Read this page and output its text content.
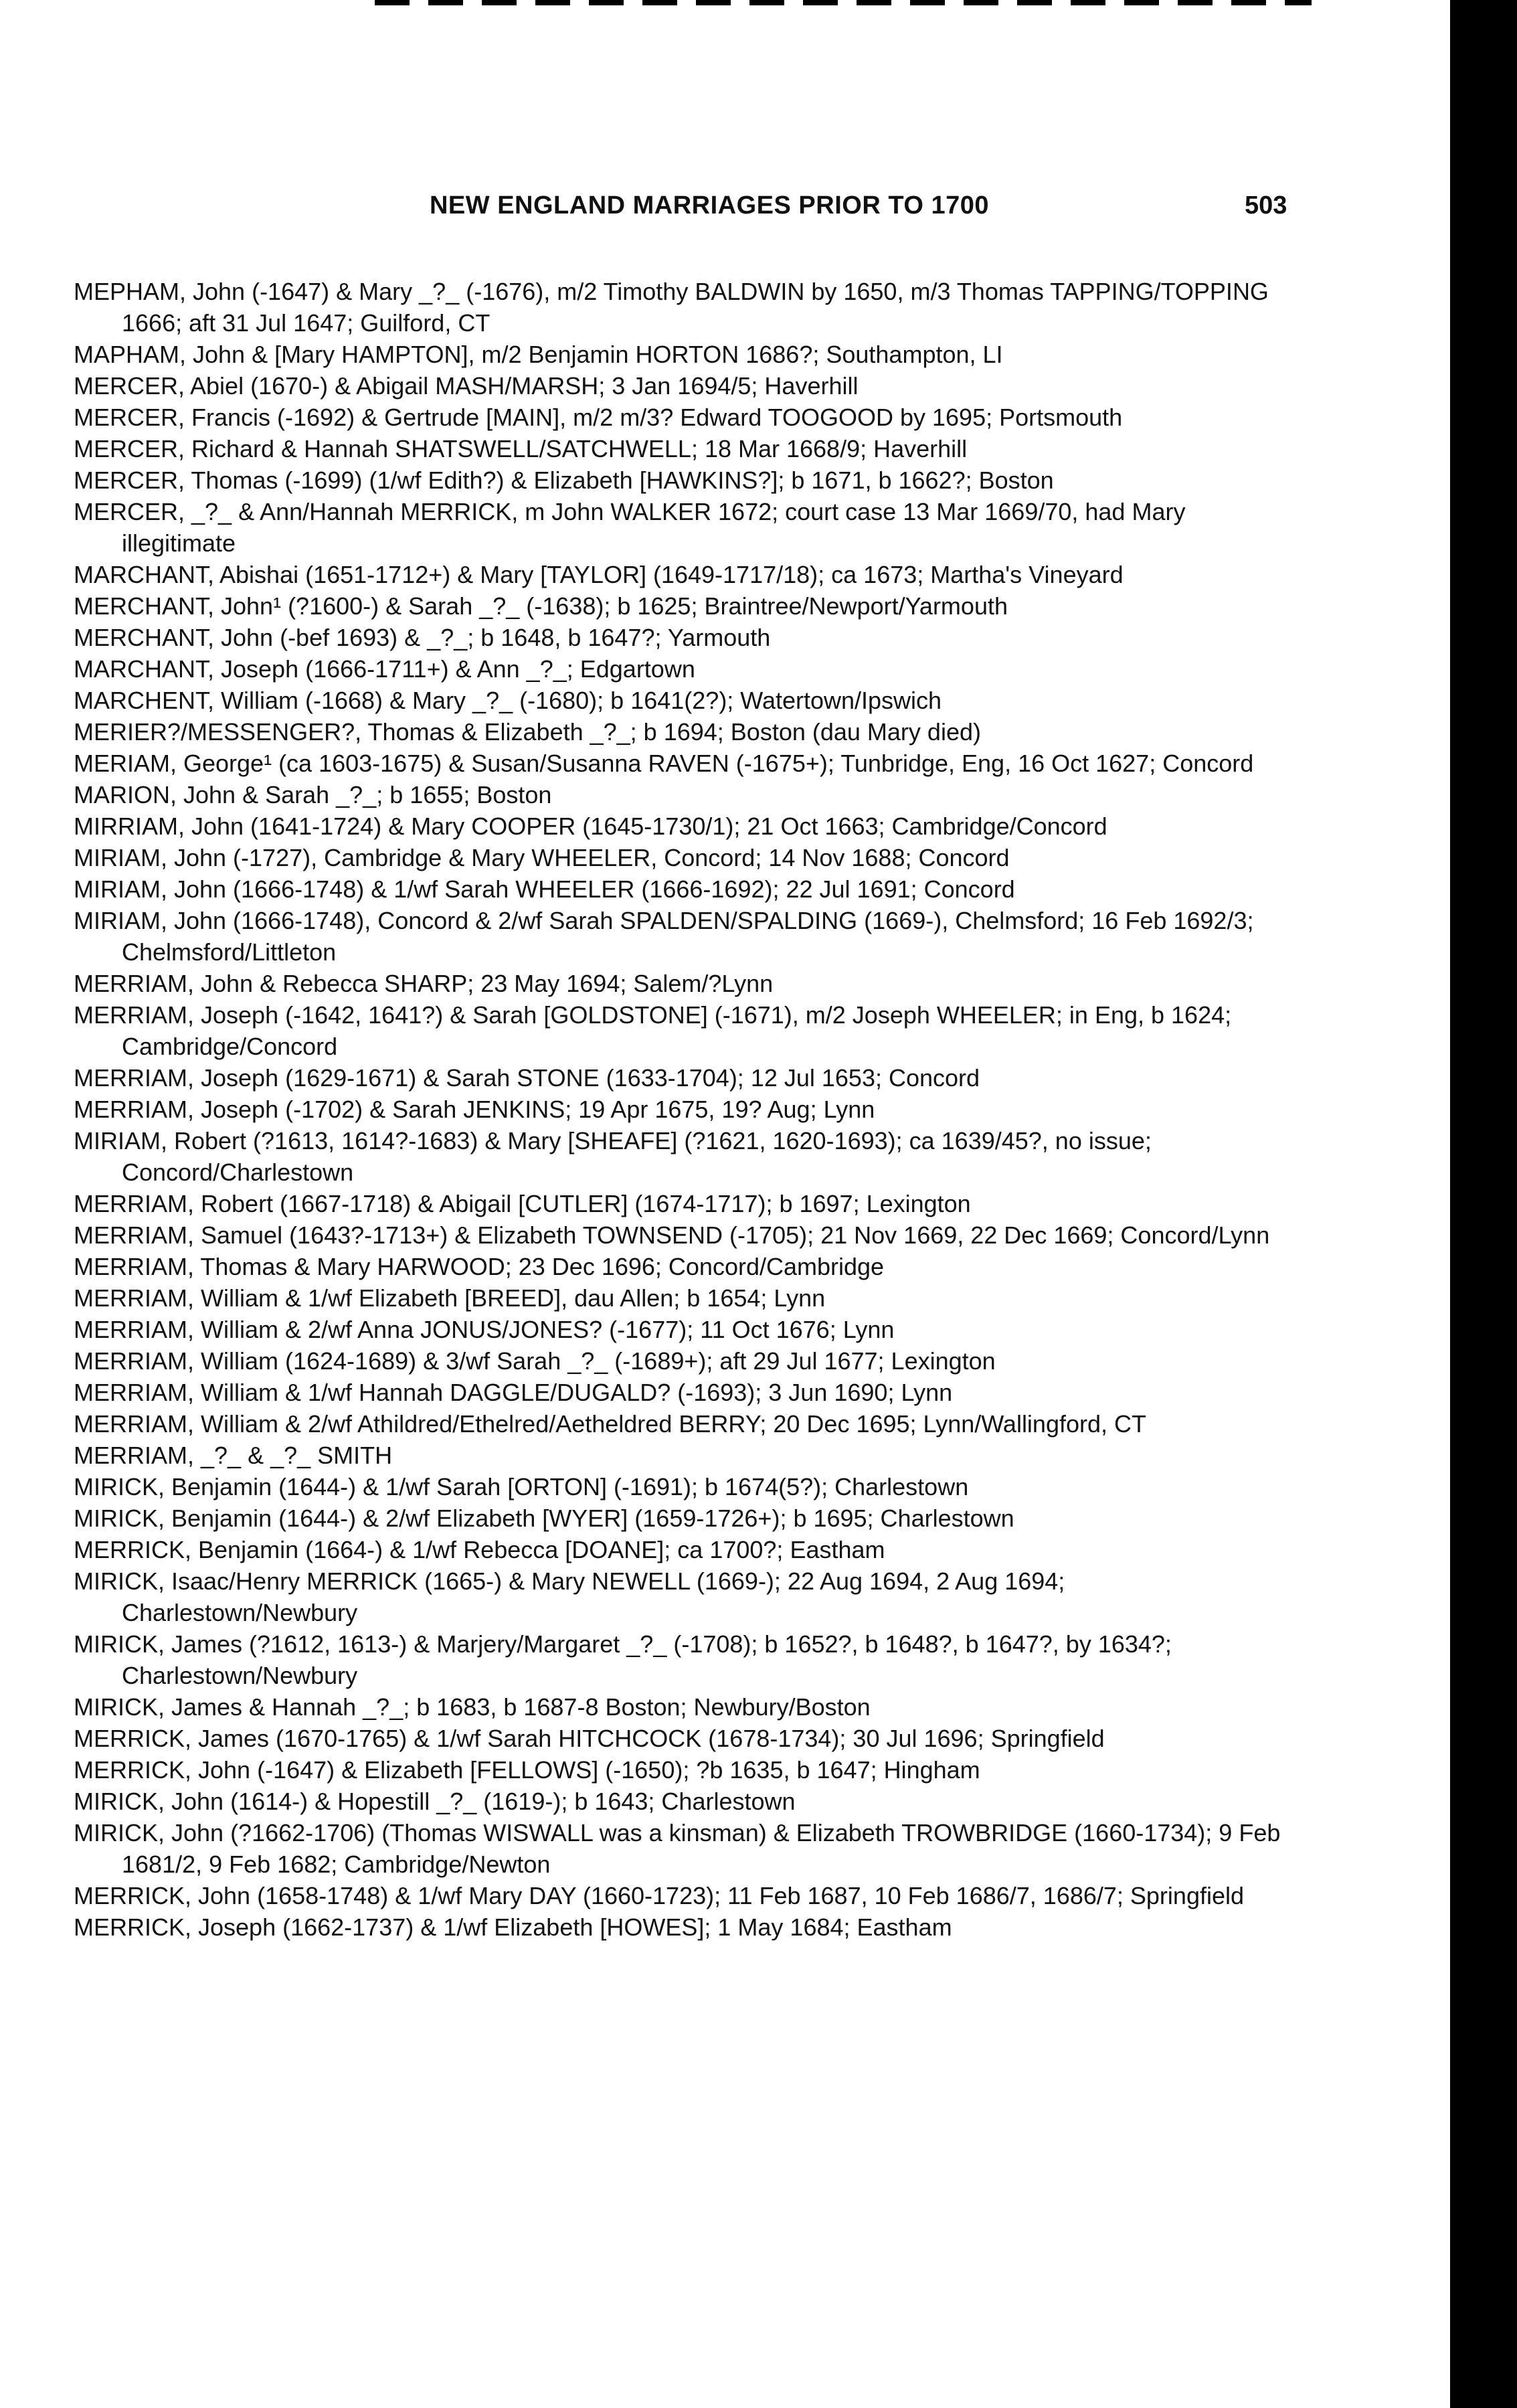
NEW ENGLAND MARRIAGES PRIOR TO 1700	503
MEPHAM, John (-1647) & Mary _?_ (-1676), m/2 Timothy BALDWIN by 1650, m/3 Thomas TAPPING/TOPPING 1666; aft 31 Jul 1647; Guilford, CT
MAPHAM, John & [Mary HAMPTON], m/2 Benjamin HORTON 1686?; Southampton, LI
MERCER, Abiel (1670-) & Abigail MASH/MARSH; 3 Jan 1694/5; Haverhill
MERCER, Francis (-1692) & Gertrude [MAIN], m/2 m/3? Edward TOOGOOD by 1695; Portsmouth
MERCER, Richard & Hannah SHATSWELL/SATCHWELL; 18 Mar 1668/9; Haverhill
MERCER, Thomas (-1699) (1/wf Edith?) & Elizabeth [HAWKINS?]; b 1671, b 1662?; Boston
MERCER, _?_ & Ann/Hannah MERRICK, m John WALKER 1672; court case 13 Mar 1669/70, had Mary illegitimate
MARCHANT, Abishai (1651-1712+) & Mary [TAYLOR] (1649-1717/18); ca 1673; Martha's Vineyard
MERCHANT, John¹ (?1600-) & Sarah _?_ (-1638); b 1625; Braintree/Newport/Yarmouth
MERCHANT, John (-bef 1693) & _?_; b 1648, b 1647?; Yarmouth
MARCHANT, Joseph (1666-1711+) & Ann _?_; Edgartown
MARCHENT, William (-1668) & Mary _?_ (-1680); b 1641(2?); Watertown/Ipswich
MERIER?/MESSENGER?, Thomas & Elizabeth _?_; b 1694; Boston (dau Mary died)
MERIAM, George¹ (ca 1603-1675) & Susan/Susanna RAVEN (-1675+); Tunbridge, Eng, 16 Oct 1627; Concord
MARION, John & Sarah _?_; b 1655; Boston
MIRRIAM, John (1641-1724) & Mary COOPER (1645-1730/1); 21 Oct 1663; Cambridge/Concord
MIRIAM, John (-1727), Cambridge & Mary WHEELER, Concord; 14 Nov 1688; Concord
MIRIAM, John (1666-1748) & 1/wf Sarah WHEELER (1666-1692); 22 Jul 1691; Concord
MIRIAM, John (1666-1748), Concord & 2/wf Sarah SPALDEN/SPALDING (1669-), Chelmsford; 16 Feb 1692/3; Chelmsford/Littleton
MERRIAM, John & Rebecca SHARP; 23 May 1694; Salem/?Lynn
MERRIAM, Joseph (-1642, 1641?) & Sarah [GOLDSTONE] (-1671), m/2 Joseph WHEELER; in Eng, b 1624; Cambridge/Concord
MERRIAM, Joseph (1629-1671) & Sarah STONE (1633-1704); 12 Jul 1653; Concord
MERRIAM, Joseph (-1702) & Sarah JENKINS; 19 Apr 1675, 19? Aug; Lynn
MIRIAM, Robert (?1613, 1614?-1683) & Mary [SHEAFE] (?1621, 1620-1693); ca 1639/45?, no issue; Concord/Charlestown
MERRIAM, Robert (1667-1718) & Abigail [CUTLER] (1674-1717); b 1697; Lexington
MERRIAM, Samuel (1643?-1713+) & Elizabeth TOWNSEND (-1705); 21 Nov 1669, 22 Dec 1669; Concord/Lynn
MERRIAM, Thomas & Mary HARWOOD; 23 Dec 1696; Concord/Cambridge
MERRIAM, William & 1/wf Elizabeth [BREED], dau Allen; b 1654; Lynn
MERRIAM, William & 2/wf Anna JONUS/JONES? (-1677); 11 Oct 1676; Lynn
MERRIAM, William (1624-1689) & 3/wf Sarah _?_ (-1689+); aft 29 Jul 1677; Lexington
MERRIAM, William & 1/wf Hannah DAGGLE/DUGALD? (-1693); 3 Jun 1690; Lynn
MERRIAM, William & 2/wf Athildred/Ethelred/Aetheldred BERRY; 20 Dec 1695; Lynn/Wallingford, CT
MERRIAM, _?_ & _?_ SMITH
MIRICK, Benjamin (1644-) & 1/wf Sarah [ORTON] (-1691); b 1674(5?); Charlestown
MIRICK, Benjamin (1644-) & 2/wf Elizabeth [WYER] (1659-1726+); b 1695; Charlestown
MERRICK, Benjamin (1664-) & 1/wf Rebecca [DOANE]; ca 1700?; Eastham
MIRICK, Isaac/Henry MERRICK (1665-) & Mary NEWELL (1669-); 22 Aug 1694, 2 Aug 1694; Charlestown/Newbury
MIRICK, James (?1612, 1613-) & Marjery/Margaret _?_ (-1708); b 1652?, b 1648?, b 1647?, by 1634?; Charlestown/Newbury
MIRICK, James & Hannah _?_; b 1683, b 1687-8 Boston; Newbury/Boston
MERRICK, James (1670-1765) & 1/wf Sarah HITCHCOCK (1678-1734); 30 Jul 1696; Springfield
MERRICK, John (-1647) & Elizabeth [FELLOWS] (-1650); ?b 1635, b 1647; Hingham
MIRICK, John (1614-) & Hopestill _?_ (1619-); b 1643; Charlestown
MIRICK, John (?1662-1706) (Thomas WISWALL was a kinsman) & Elizabeth TROWBRIDGE (1660-1734); 9 Feb 1681/2, 9 Feb 1682; Cambridge/Newton
MERRICK, John (1658-1748) & 1/wf Mary DAY (1660-1723); 11 Feb 1687, 10 Feb 1686/7, 1686/7; Springfield
MERRICK, Joseph (1662-1737) & 1/wf Elizabeth [HOWES]; 1 May 1684; Eastham
